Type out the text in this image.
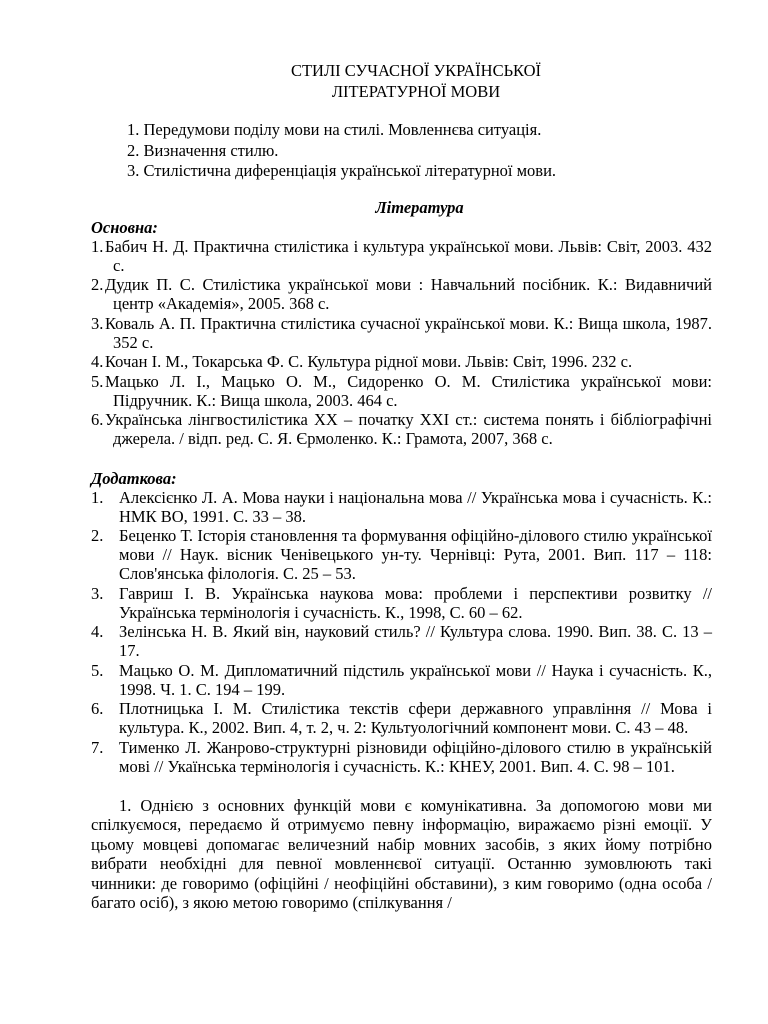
СТИЛІ СУЧАСНОЇ УКРАЇНСЬКОЇ
ЛІТЕРАТУРНОЇ МОВИ
1. Передумови поділу мови на стилі. Мовленнєва ситуація.
2. Визначення стилю.
3. Стилістична диференціація української літературної мови.
Література
Основна:
1. Бабич Н. Д. Практична стилістика і культура української мови. Львів: Світ, 2003. 432 с.
2. Дудик П. С. Стилістика української мови : Навчальний посібник. К.: Видавничий центр «Академія», 2005. 368 с.
3. Коваль А. П. Практична стилістика сучасної української мови. К.: Вища школа, 1987. 352 с.
4. Кочан І. М., Токарська Ф. С. Культура рідної мови. Львів: Світ, 1996. 232 с.
5. Мацько Л. І., Мацько О. М., Сидоренко О. М. Стилістика української мови: Підручник. К.: Вища школа, 2003. 464 с.
6. Українська лінгвостилістика ХХ – початку ХХІ ст.: система понять і бібліографічні джерела. / відп. ред. С. Я. Єрмоленко. К.: Грамота, 2007, 368 с.
Додаткова:
1. Алексієнко Л. А. Мова науки і національна мова // Українська мова і сучасність. К.: НМК ВО, 1991. С. 33 – 38.
2. Беценко Т. Історія становлення та формування офіційно-ділового стилю української мови // Наук. вісник Ченівецького ун-ту. Чернівці: Рута, 2001. Вип. 117 – 118: Слов'янська філологія. С. 25 – 53.
3. Гавриш І. В. Українська наукова мова: проблеми і перспективи розвитку // Українська термінологія і сучасність. К., 1998, С. 60 – 62.
4. Зелінська Н. В. Який він, науковий стиль? // Культура слова. 1990. Вип. 38. С. 13 – 17.
5. Мацько О. М. Дипломатичний підстиль української мови // Наука і сучасність. К., 1998. Ч. 1. С. 194 – 199.
6. Плотницька І. М. Стилістика текстів сфери державного управління // Мова і культура. К., 2002. Вип. 4, т. 2, ч. 2: Культуологічний компонент мови. С. 43 – 48.
7. Тименко Л. Жанрово-структурні різновиди офіційно-ділового стилю в українській мові // Укаїнська термінологія і сучасність. К.: КНЕУ, 2001. Вип. 4. С. 98 – 101.

1. Однією з основних функцій мови є комунікативна. За допомогою мови ми спілкуємося, передаємо й отримуємо певну інформацію, виражаємо різні емоції. У цьому мовцеві допомагає величезний набір мовних засобів, з яких йому потрібно вибрати необхідні для певної мовленнєвої ситуації. Останню зумовлюють такі чинники: де говоримо (офіційні / неофіційні обставини), з ким говоримо (одна особа / багато осіб), з якою метою говоримо (спілкування /
